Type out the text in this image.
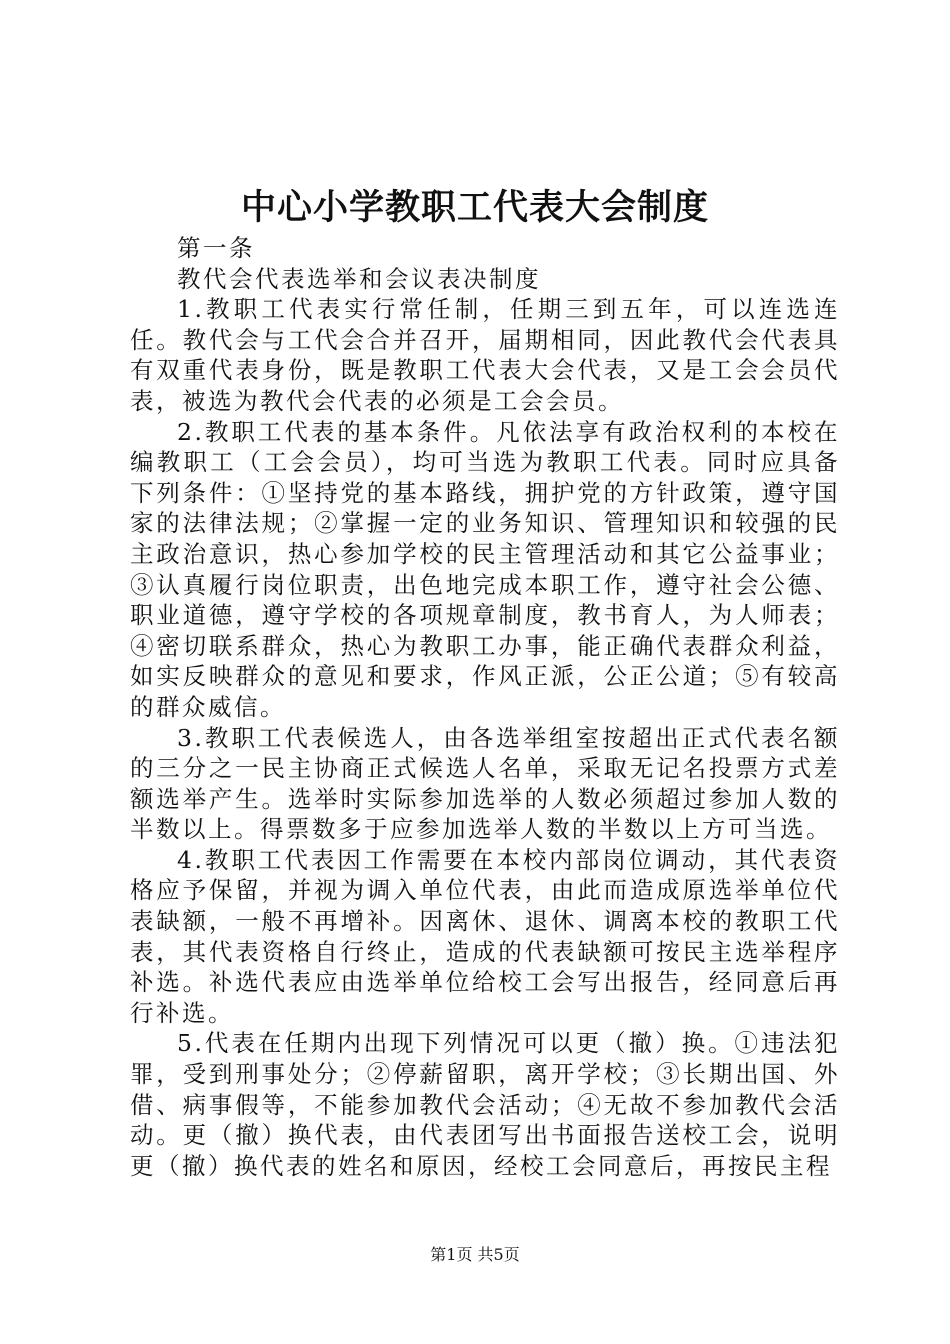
中心小学教职工代表大会制度

第一条

教代会代表选举和会议表决制度

1.教职工代表实行常任制，任期三到五年，可以连选连任。教代会与工代会合并召开，届期相同，因此教代会代表具有双重代表身份，既是教职工代表大会代表，又是工会会员代表，被选为教代会代表的必须是工会会员。

2.教职工代表的基本条件。凡依法享有政治权利的本校在编教职工（工会会员），均可当选为教职工代表。同时应具备下列条件：①坚持党的基本路线，拥护党的方针政策，遵守国家的法律法规；②掌握一定的业务知识、管理知识和较强的民主政治意识，热心参加学校的民主管理活动和其它公益事业；③认真履行岗位职责，出色地完成本职工作，遵守社会公德、职业道德，遵守学校的各项规章制度，教书育人，为人师表；④密切联系群众，热心为教职工办事，能正确代表群众利益，如实反映群众的意见和要求，作风正派，公正公道；⑤有较高的群众威信。

3.教职工代表候选人，由各选举组室按超出正式代表名额的三分之一民主协商正式候选人名单，采取无记名投票方式差额选举产生。选举时实际参加选举的人数必须超过参加人数的半数以上。得票数多于应参加选举人数的半数以上方可当选。

4.教职工代表因工作需要在本校内部岗位调动，其代表资格应予保留，并视为调入单位代表，由此而造成原选举单位代表缺额，一般不再增补。因离休、退休、调离本校的教职工代表，其代表资格自行终止，造成的代表缺额可按民主选举程序补选。补选代表应由选举单位给校工会写出报告，经同意后再行补选。

5.代表在任期内出现下列情况可以更（撤）换。①违法犯罪，受到刑事处分；②停薪留职，离开学校；③长期出国、外借、病事假等，不能参加教代会活动；④无故不参加教代会活动。更（撤）换代表，由代表团写出书面报告送校工会，说明更（撤）换代表的姓名和原因，经校工会同意后，再按民主程

第1页 共5页
